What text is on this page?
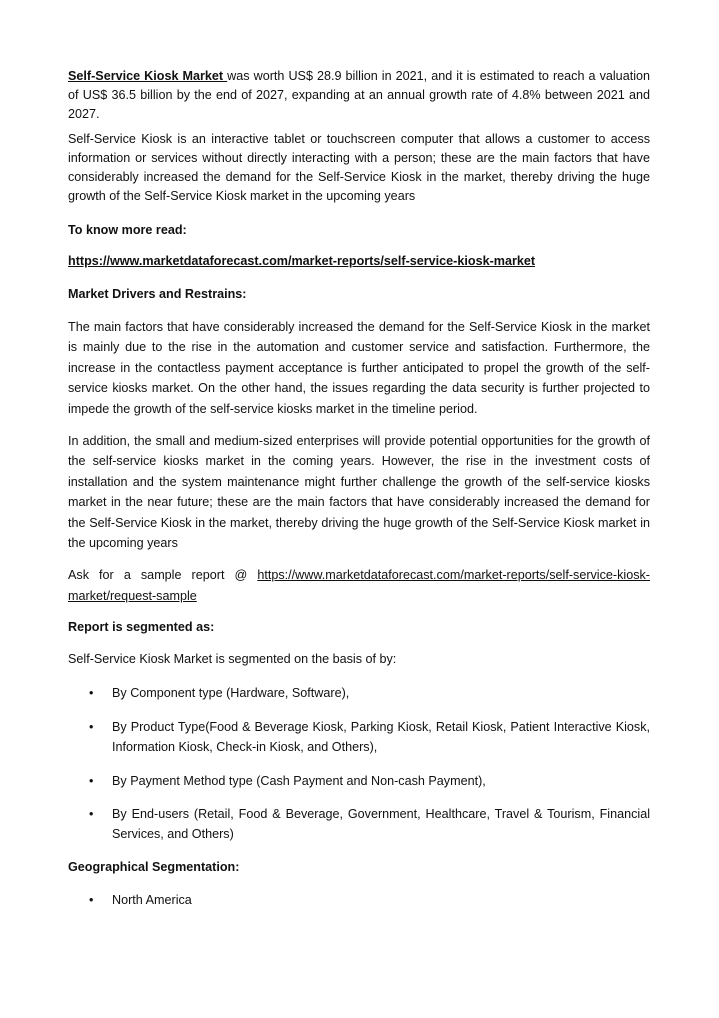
Self-Service Kiosk Market was worth US$ 28.9 billion in 2021, and it is estimated to reach a valuation of US$ 36.5 billion by the end of 2027, expanding at an annual growth rate of 4.8% between 2021 and 2027.

Self-Service Kiosk is an interactive tablet or touchscreen computer that allows a customer to access information or services without directly interacting with a person; these are the main factors that have considerably increased the demand for the Self-Service Kiosk in the market, thereby driving the huge growth of the Self-Service Kiosk market in the upcoming years

To know more read:

https://www.marketdataforecast.com/market-reports/self-service-kiosk-market

Market Drivers and Restrains:

The main factors that have considerably increased the demand for the Self-Service Kiosk in the market is mainly due to the rise in the automation and customer service and satisfaction. Furthermore, the increase in the contactless payment acceptance is further anticipated to propel the growth of the self-service kiosks market. On the other hand, the issues regarding the data security is further projected to impede the growth of the self-service kiosks market in the timeline period.

In addition, the small and medium-sized enterprises will provide potential opportunities for the growth of the self-service kiosks market in the coming years. However, the rise in the investment costs of installation and the system maintenance might further challenge the growth of the self-service kiosks market in the near future; these are the main factors that have considerably increased the demand for the Self-Service Kiosk in the market, thereby driving the huge growth of the Self-Service Kiosk market in the upcoming years

Ask for a sample report @ https://www.marketdataforecast.com/market-reports/self-service-kiosk-market/request-sample

Report is segmented as:

Self-Service Kiosk Market is segmented on the basis of by:

• By Component type (Hardware, Software),
• By Product Type(Food & Beverage Kiosk, Parking Kiosk, Retail Kiosk, Patient Interactive Kiosk, Information Kiosk, Check-in Kiosk, and Others),
• By Payment Method type (Cash Payment and Non-cash Payment),
• By End-users (Retail, Food & Beverage, Government, Healthcare, Travel & Tourism, Financial Services, and Others)

Geographical Segmentation:

• North America
